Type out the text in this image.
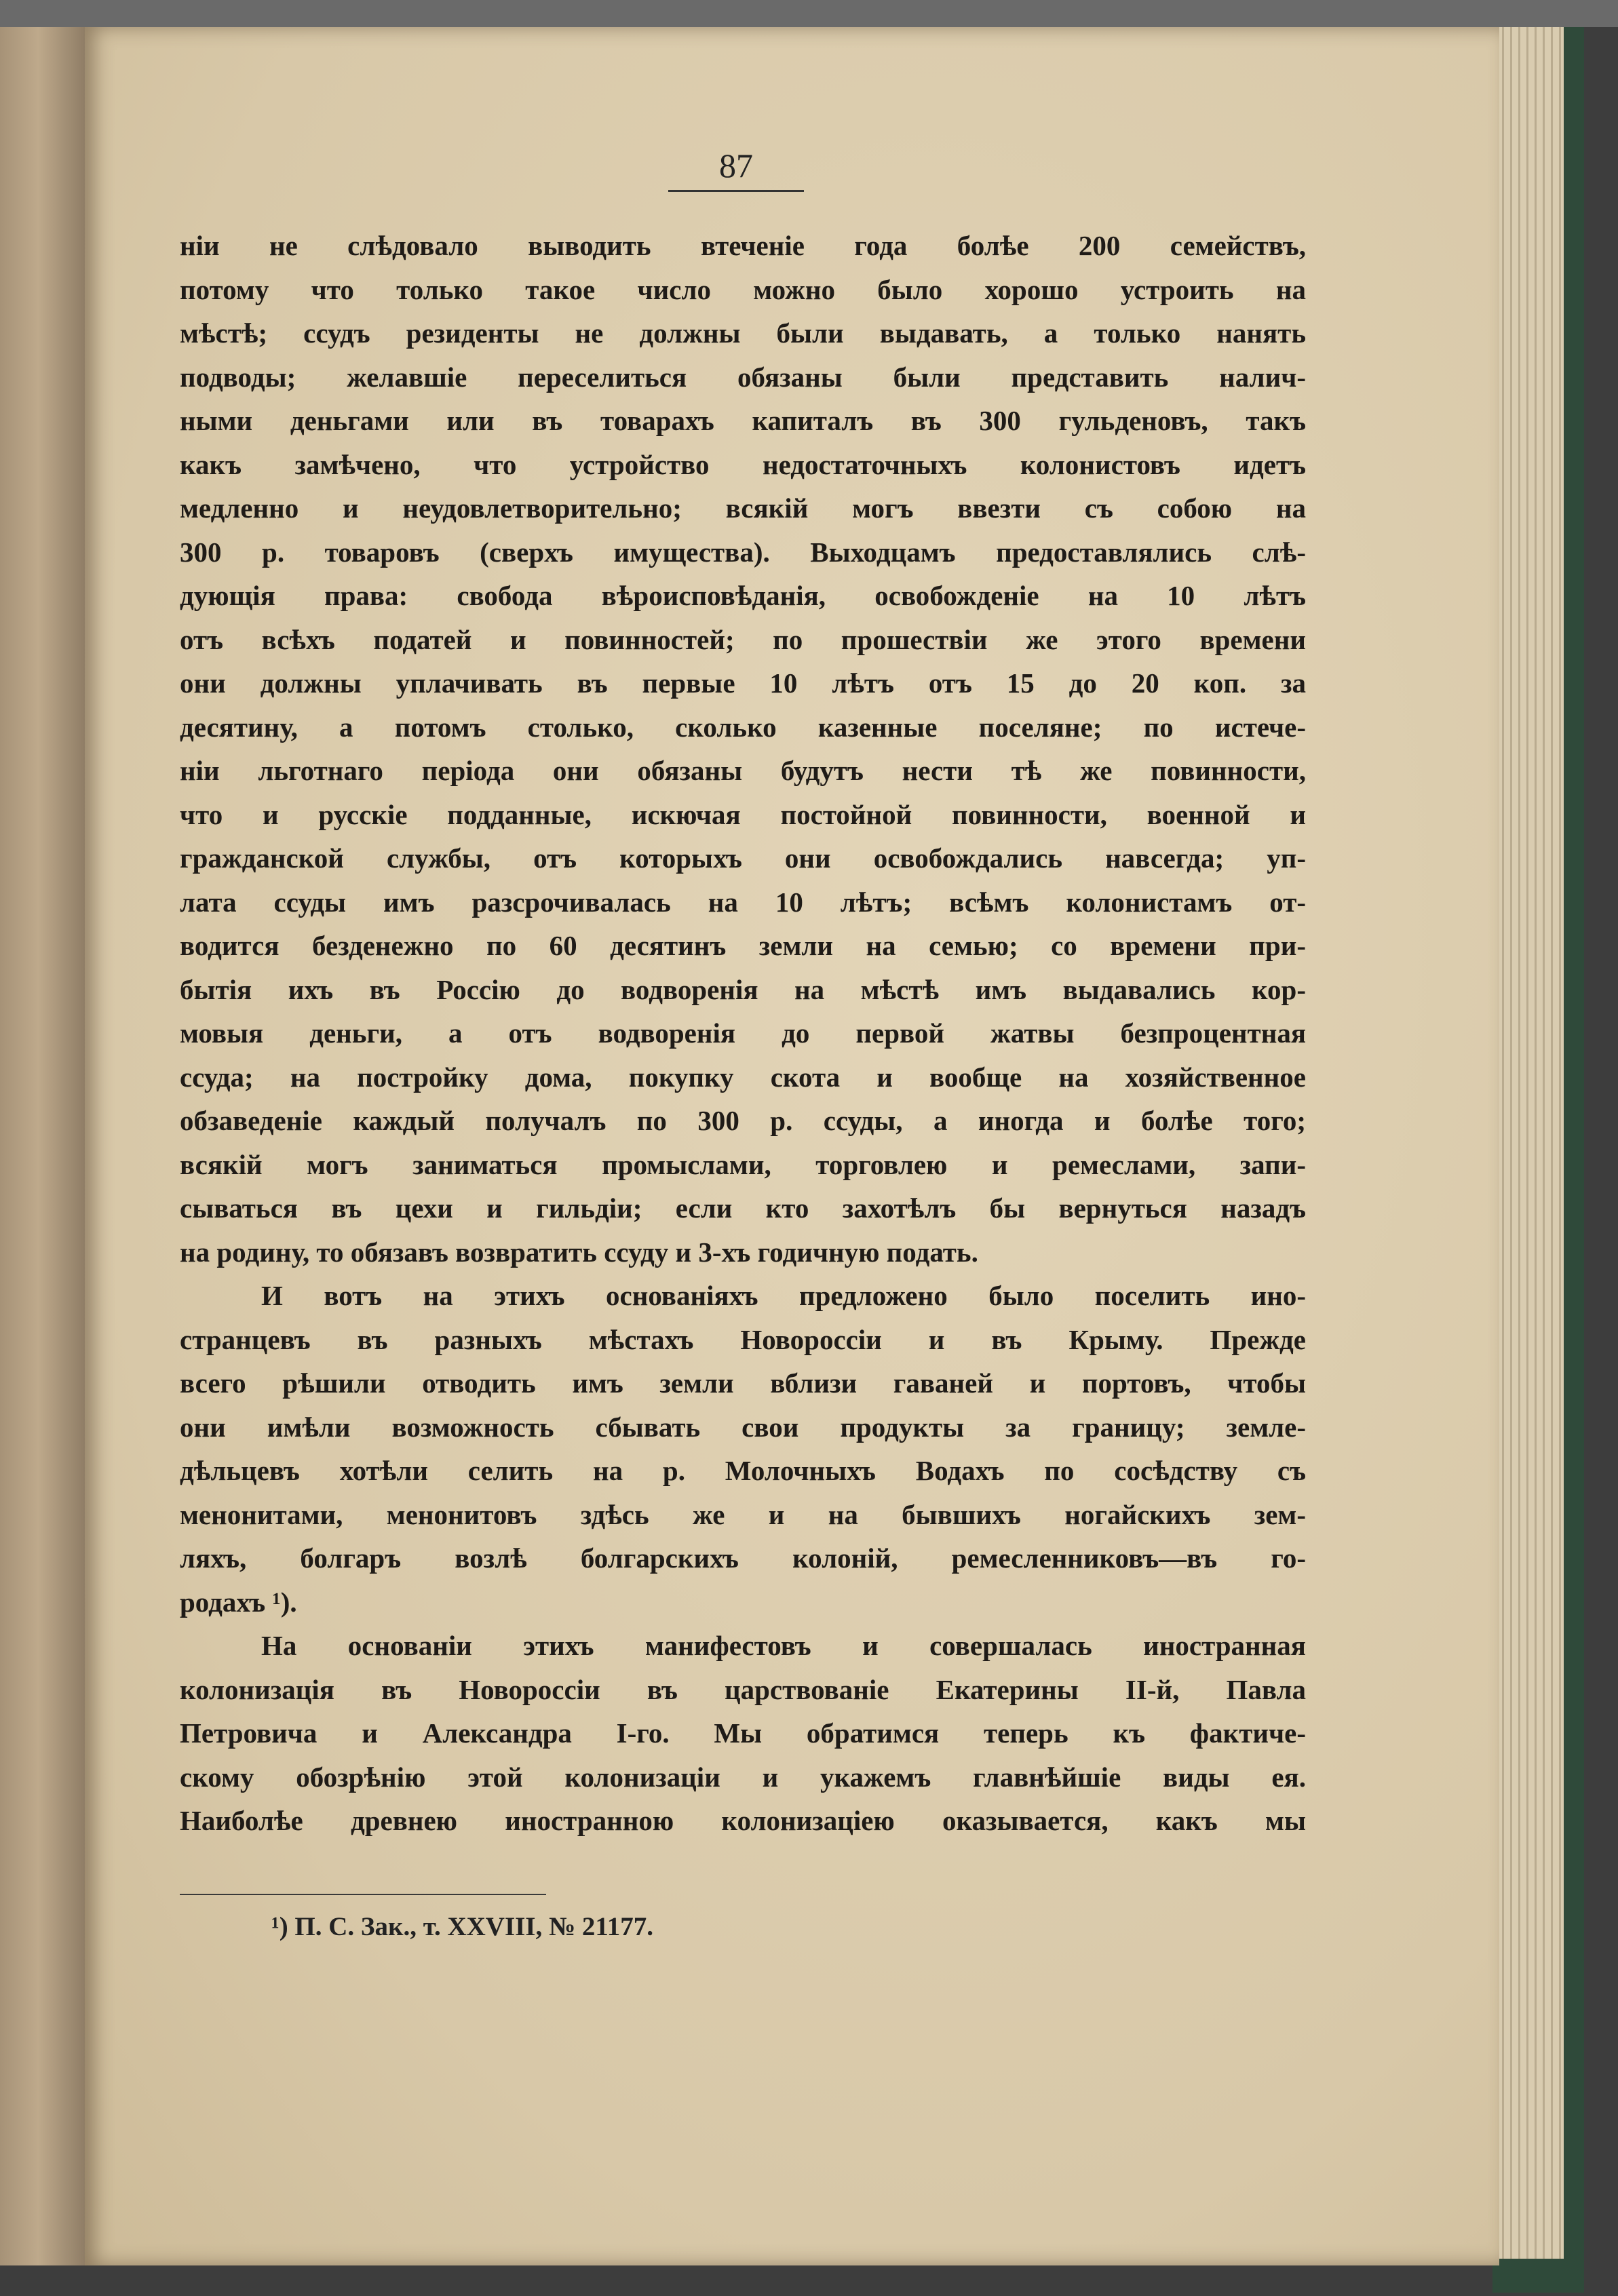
87
ніи не слѣдовало выводить втеченіе года болѣе 200 семействъ,
потому что только такое число можно было хорошо устроить на
мѣстѣ; ссудъ резиденты не должны были выдавать, а только нанять
подводы; желавшіе переселиться обязаны были представить налич-
ными деньгами или въ товарахъ капиталъ въ 300 гульденовъ, такъ
какъ замѣчено, что устройство недостаточныхъ колонистовъ идетъ
медленно и неудовлетворительно; всякій могъ ввезти съ собою на
300 р. товаровъ (сверхъ имущества). Выходцамъ предоставлялись слѣ-
дующія права: свобода вѣроисповѣданія, освобожденіе на 10 лѣтъ
отъ всѣхъ податей и повинностей; по прошествіи же этого времени
они должны уплачивать въ первые 10 лѣтъ отъ 15 до 20 коп. за
десятину, а потомъ столько, сколько казенные поселяне; по истече-
ніи льготнаго періода они обязаны будутъ нести тѣ же повинности,
что и русскіе подданные, искючая постойной повинности, военной и
гражданской службы, отъ которыхъ они освобождались навсегда; уп-
лата ссуды имъ разсрочивалась на 10 лѣтъ; всѣмъ колонистамъ от-
водится безденежно по 60 десятинъ земли на семью; со времени при-
бытія ихъ въ Россію до водворенія на мѣстѣ имъ выдавались кор-
мовыя деньги, а отъ водворенія до первой жатвы безпроцентная
ссуда; на постройку дома, покупку скота и вообще на хозяйственное
обзаведеніе каждый получалъ по 300 р. ссуды, а иногда и болѣе того;
всякій могъ заниматься промыслами, торговлею и ремеслами, запи-
сываться въ цехи и гильдіи; если кто захотѣлъ бы вернуться назадъ
на родину, то обязавъ возвратить ссуду и 3-хъ годичную подать.
И вотъ на этихъ основаніяхъ предложено было поселить ино-
странцевъ въ разныхъ мѣстахъ Новороссіи и въ Крыму. Прежде
всего рѣшили отводить имъ земли вблизи гаваней и портовъ, чтобы
они имѣли возможность сбывать свои продукты за границу; земле-
дѣльцевъ хотѣли селить на р. Молочныхъ Водахъ по сосѣдству съ
менонитами, менонитовъ здѣсь же и на бывшихъ ногайскихъ зем-
ляхъ, болгаръ возлѣ болгарскихъ колоній, ремесленниковъ—въ го-
родахъ ¹).
На основаніи этихъ манифестовъ и совершалась иностранная
колонизація въ Новороссіи въ царствованіе Екатерины II-й, Павла
Петровича и Александра I-го. Мы обратимся теперь къ фактиче-
скому обозрѣнію этой колонизаціи и укажемъ главнѣйшіе виды ея.
Наиболѣе древнею иностранною колонизаціею оказывается, какъ мы
¹) П. С. Зак., т. XXVIII, № 21177.
